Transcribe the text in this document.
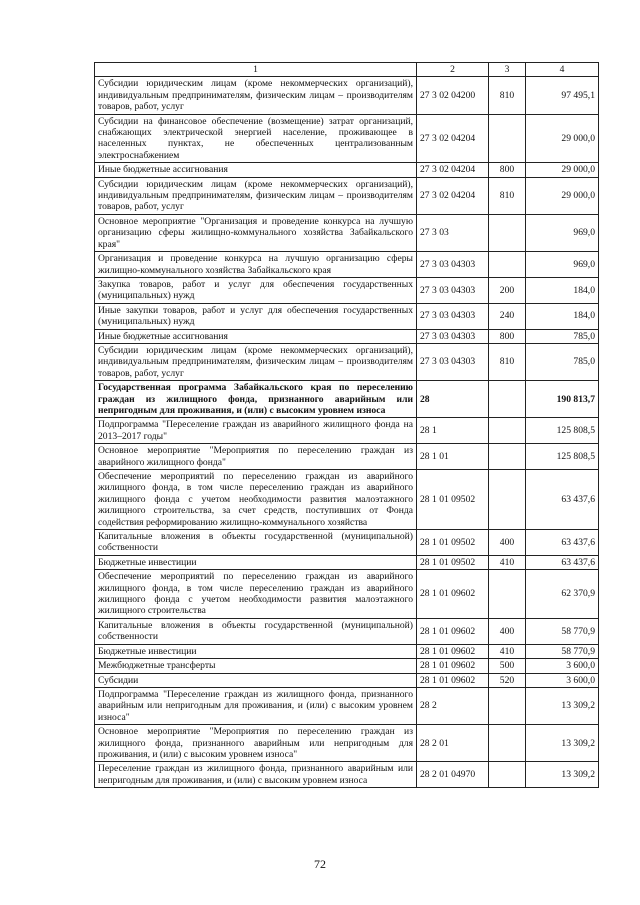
1	2	3	4
Субсидии юридическим лицам (кроме некоммерческих организаций), индивидуальным предпринимателям, физическим лицам – производителям товаров, работ, услуг	27 3 02 04200	810	97 495,1
Субсидии на финансовое обеспечение (возмещение) затрат организаций, снабжающих электрической энергией население, проживающее в населенных пунктах, не обеспеченных централизованным электроснабжением	27 3 02 04204		29 000,0
Иные бюджетные ассигнования	27 3 02 04204	800	29 000,0
Субсидии юридическим лицам (кроме некоммерческих организаций), индивидуальным предпринимателям, физическим лицам – производителям товаров, работ, услуг	27 3 02 04204	810	29 000,0
Основное мероприятие "Организация и проведение конкурса на лучшую организацию сферы жилищно-коммунального хозяйства Забайкальского края"	27 3 03		969,0
Организация и проведение конкурса на лучшую организацию сферы жилищно-коммунального хозяйства Забайкальского края	27 3 03 04303		969,0
Закупка товаров, работ и услуг для обеспечения государственных (муниципальных) нужд	27 3 03 04303	200	184,0
Иные закупки товаров, работ и услуг для обеспечения государственных (муниципальных) нужд	27 3 03 04303	240	184,0
Иные бюджетные ассигнования	27 3 03 04303	800	785,0
Субсидии юридическим лицам (кроме некоммерческих организаций), индивидуальным предпринимателям, физическим лицам – производителям товаров, работ, услуг	27 3 03 04303	810	785,0
Государственная программа Забайкальского края по переселению граждан из жилищного фонда, признанного аварийным или непригодным для проживания, и (или) с высоким уровнем износа	28		190 813,7
Подпрограмма "Переселение граждан из аварийного жилищного фонда на 2013–2017 годы"	28 1		125 808,5
Основное мероприятие "Мероприятия по переселению граждан из аварийного жилищного фонда"	28 1 01		125 808,5
Обеспечение мероприятий по переселению граждан из аварийного жилищного фонда, в том числе переселению граждан из аварийного жилищного фонда с учетом необходимости развития малоэтажного жилищного строительства, за счет средств, поступивших от Фонда содействия реформированию жилищно-коммунального хозяйства	28 1 01 09502		63 437,6
Капитальные вложения в объекты государственной (муниципальной) собственности	28 1 01 09502	400	63 437,6
Бюджетные инвестиции	28 1 01 09502	410	63 437,6
Обеспечение мероприятий по переселению граждан из аварийного жилищного фонда, в том числе переселению граждан из аварийного жилищного фонда с учетом необходимости развития малоэтажного жилищного строительства	28 1 01 09602		62 370,9
Капитальные вложения в объекты государственной (муниципальной) собственности	28 1 01 09602	400	58 770,9
Бюджетные инвестиции	28 1 01 09602	410	58 770,9
Межбюджетные трансферты	28 1 01 09602	500	3 600,0
Субсидии	28 1 01 09602	520	3 600,0
Подпрограмма "Переселение граждан из жилищного фонда, признанного аварийным или непригодным для проживания, и (или) с высоким уровнем износа"	28 2		13 309,2
Основное мероприятие "Мероприятия по переселению граждан из жилищного фонда, признанного аварийным или непригодным для проживания, и (или) с высоким уровнем износа"	28 2 01		13 309,2
Переселение граждан из жилищного фонда, признанного аварийным или непригодным для проживания, и (или) с высоким уровнем износа	28 2 01 04970		13 309,2
72
